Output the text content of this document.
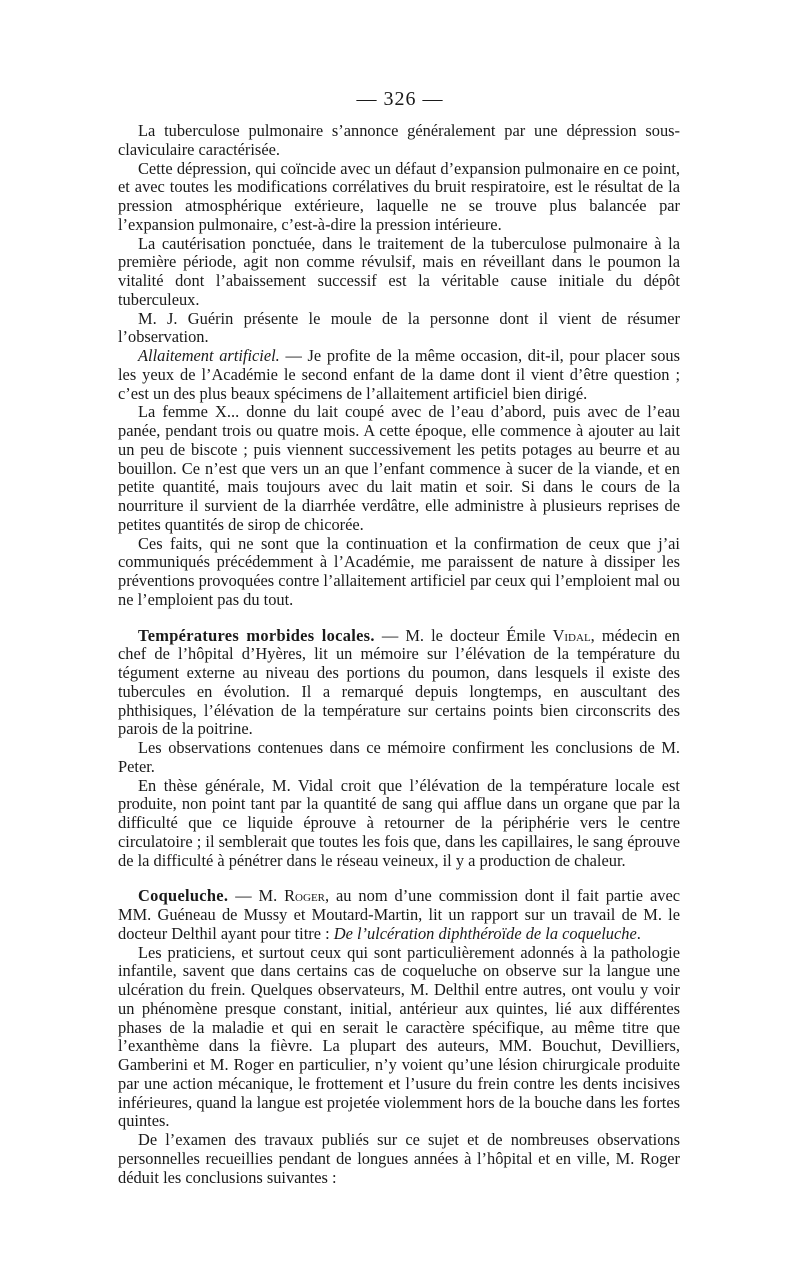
— 326 —

La tuberculose pulmonaire s’annonce généralement par une dépression sous-claviculaire caractérisée.

Cette dépression, qui coïncide avec un défaut d’expansion pulmonaire en ce point, et avec toutes les modifications corrélatives du bruit respiratoire, est le résultat de la pression atmosphérique extérieure, laquelle ne se trouve plus balancée par l’expansion pulmonaire, c’est-à-dire la pression intérieure.

La cautérisation ponctuée, dans le traitement de la tuberculose pulmonaire à la première période, agit non comme révulsif, mais en réveillant dans le poumon la vitalité dont l’abaissement successif est la véritable cause initiale du dépôt tuberculeux.

M. J. Guérin présente le moule de la personne dont il vient de résumer l’observation.

Allaitement artificiel. — Je profite de la même occasion, dit-il, pour placer sous les yeux de l’Académie le second enfant de la dame dont il vient d’être question ; c’est un des plus beaux spécimens de l’allaitement artificiel bien dirigé.

La femme X... donne du lait coupé avec de l’eau d’abord, puis avec de l’eau panée, pendant trois ou quatre mois. A cette époque, elle commence à ajouter au lait un peu de biscote ; puis viennent successivement les petits potages au beurre et au bouillon. Ce n’est que vers un an que l’enfant commence à sucer de la viande, et en petite quantité, mais toujours avec du lait matin et soir. Si dans le cours de la nourriture il survient de la diarrhée verdâtre, elle administre à plusieurs reprises de petites quantités de sirop de chicorée.

Ces faits, qui ne sont que la continuation et la confirmation de ceux que j’ai communiqués précédemment à l’Académie, me paraissent de nature à dissiper les préventions provoquées contre l’allaitement artificiel par ceux qui l’emploient mal ou ne l’emploient pas du tout.

Températures morbides locales. — M. le docteur Émile Vidal, médecin en chef de l’hôpital d’Hyères, lit un mémoire sur l’élévation de la température du tégument externe au niveau des portions du poumon, dans lesquels il existe des tubercules en évolution. Il a remarqué depuis longtemps, en auscultant des phthisiques, l’élévation de la température sur certains points bien circonscrits des parois de la poitrine.

Les observations contenues dans ce mémoire confirment les conclusions de M. Peter.

En thèse générale, M. Vidal croit que l’élévation de la température locale est produite, non point tant par la quantité de sang qui afflue dans un organe que par la difficulté que ce liquide éprouve à retourner de la périphérie vers le centre circulatoire ; il semblerait que toutes les fois que, dans les capillaires, le sang éprouve de la difficulté à pénétrer dans le réseau veineux, il y a production de chaleur.

Coqueluche. — M. Roger, au nom d’une commission dont il fait partie avec MM. Guéneau de Mussy et Moutard-Martin, lit un rapport sur un travail de M. le docteur Delthil ayant pour titre : De l’ulcération diphthéroïde de la coqueluche.

Les praticiens, et surtout ceux qui sont particulièrement adonnés à la pathologie infantile, savent que dans certains cas de coqueluche on observe sur la langue une ulcération du frein. Quelques observateurs, M. Delthil entre autres, ont voulu y voir un phénomène presque constant, initial, antérieur aux quintes, lié aux différentes phases de la maladie et qui en serait le caractère spécifique, au même titre que l’exanthème dans la fièvre. La plupart des auteurs, MM. Bouchut, Devilliers, Gamberini et M. Roger en particulier, n’y voient qu’une lésion chirurgicale produite par une action mécanique, le frottement et l’usure du frein contre les dents incisives inférieures, quand la langue est projetée violemment hors de la bouche dans les fortes quintes.

De l’examen des travaux publiés sur ce sujet et de nombreuses observations personnelles recueillies pendant de longues années à l’hôpital et en ville, M. Roger déduit les conclusions suivantes :
